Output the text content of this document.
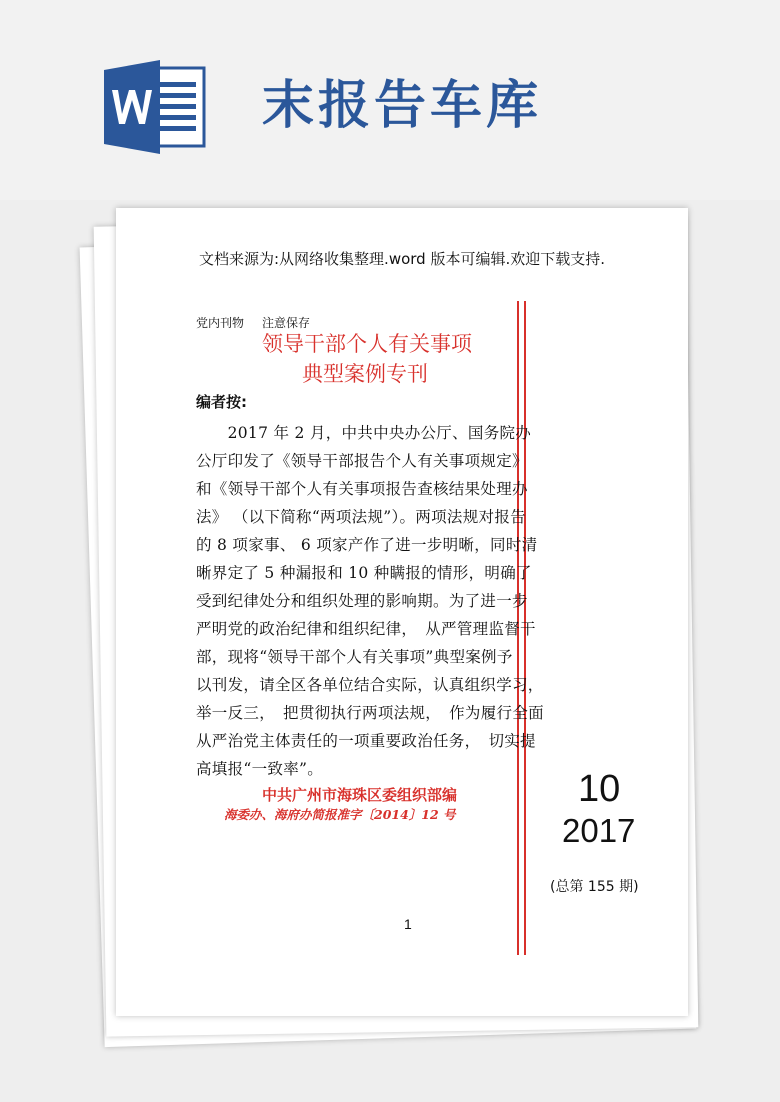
末报告车库
文档来源为:从网络收集整理.word 版本可编辑.欢迎下载支持.
党内刊物 注意保存
领导干部个人有关事项
典型案例专刊
编者按:
　　2017 年 2 月，中共中央办公厅、国务院办
公厅印发了《领导干部报告个人有关事项规定》
和《领导干部个人有关事项报告查核结果处理办
法》 （以下简称“两项法规”）。两项法规对报告
的 8 项家事、 6 项家产作了进一步明晰，同时清
晰界定了 5 种漏报和 10 种瞒报的情形，明确了
受到纪律处分和组织处理的影响期。为了进一步
严明党的政治纪律和组织纪律，　从严管理监督干
部，现将“领导干部个人有关事项”典型案例予
以刊发，请全区各单位结合实际，认真组织学习，
举一反三，　把贯彻执行两项法规，　作为履行全面
从严治党主体责任的一项重要政治任务，　切实提
高填报“一致率”。
中共广州市海珠区委组织部编
海委办、海府办简报准字〔2014〕12 号
10
2017
(总第 155 期)
1
